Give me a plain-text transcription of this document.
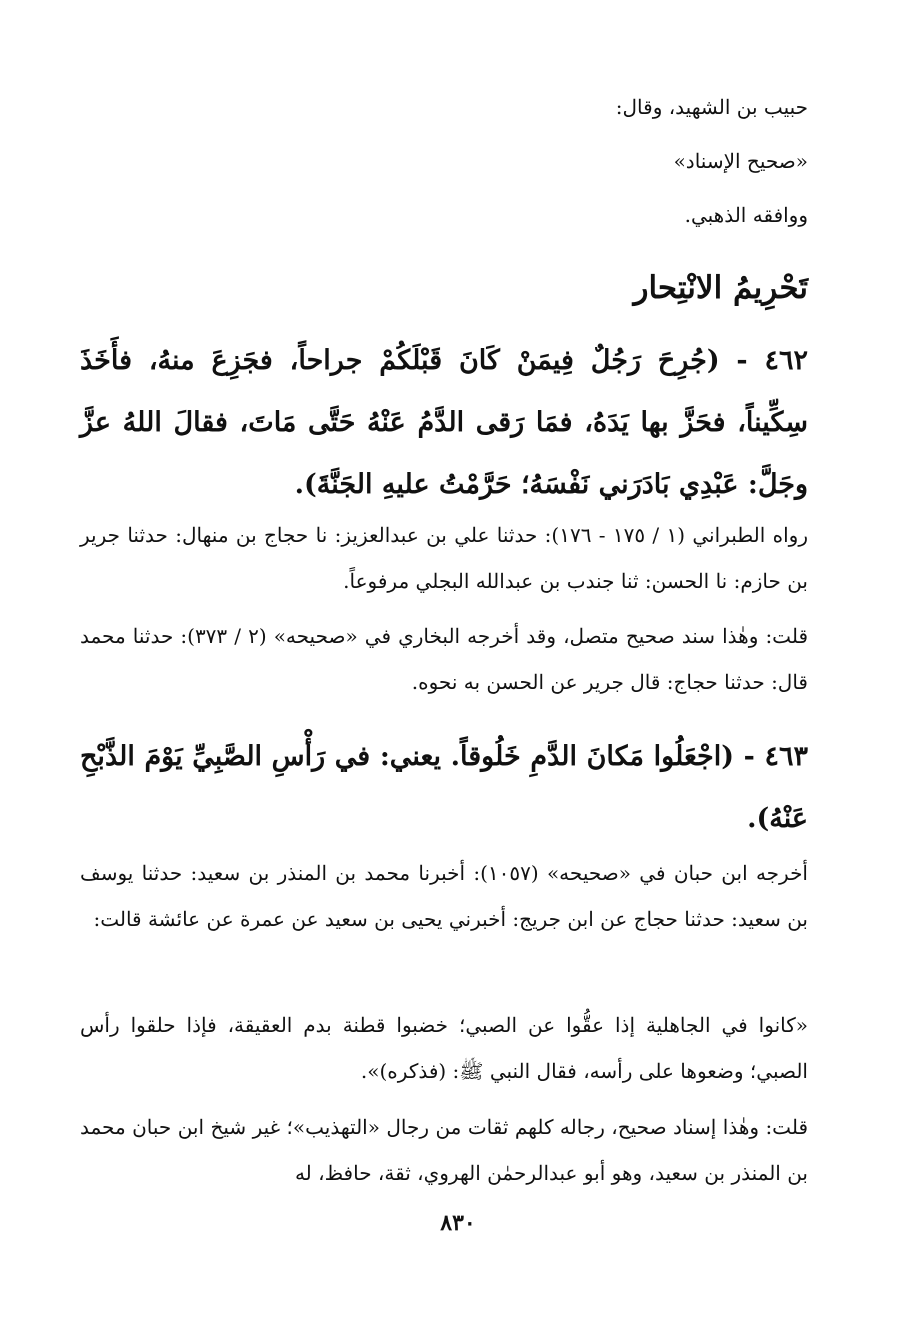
حبيب بن الشهيد، وقال:
«صحيح الإسناد»
ووافقه الذهبي.
تَحْرِيمُ الانْتِحار
٤٦٢ - (جُرِحَ رَجُلٌ فِيمَنْ كَانَ قَبْلَكُمْ جراحاً، فجَزِعَ منهُ، فأَخَذَ سِكِّيناً، فحَزَّ بها يَدَهُ، فمَا رَقى الدَّمُ عَنْهُ حَتَّى مَاتَ، فقالَ اللهُ عزَّ وجَلَّ: عَبْدِي بَادَرَني نَفْسَهُ؛ حَرَّمْتُ عليهِ الجَنَّةَ).
رواه الطبراني (١ / ١٧٥ - ١٧٦): حدثنا علي بن عبدالعزيز: نا حجاج بن منهال: حدثنا جرير بن حازم: نا الحسن: ثنا جندب بن عبدالله البجلي مرفوعاً.
قلت: وهٰذا سند صحيح متصل، وقد أخرجه البخاري في «صحيحه» (٢ / ٣٧٣): حدثنا محمد قال: حدثنا حجاج: قال جرير عن الحسن به نحوه.
٤٦٣ - (اجْعَلُوا مَكانَ الدَّمِ خَلُوقاً. يعني: في رَأْسِ الصَّبِيِّ يَوْمَ الذَّبْحِ عَنْهُ).
أخرجه ابن حبان في «صحيحه» (١٠٥٧): أخبرنا محمد بن المنذر بن سعيد: حدثنا يوسف بن سعيد: حدثنا حجاج عن ابن جريج: أخبرني يحيى بن سعيد عن عمرة عن عائشة قالت:
«كانوا في الجاهلية إذا عقُّوا عن الصبي؛ خضبوا قطنة بدم العقيقة، فإذا حلقوا رأس الصبي؛ وضعوها على رأسه، فقال النبي ﷺ: (فذكره)».
قلت: وهٰذا إسناد صحيح، رجاله كلهم ثقات من رجال «التهذيب»؛ غير شيخ ابن حبان محمد بن المنذر بن سعيد، وهو أبو عبدالرحمٰن الهروي، ثقة، حافظ، له
٨٣٠
